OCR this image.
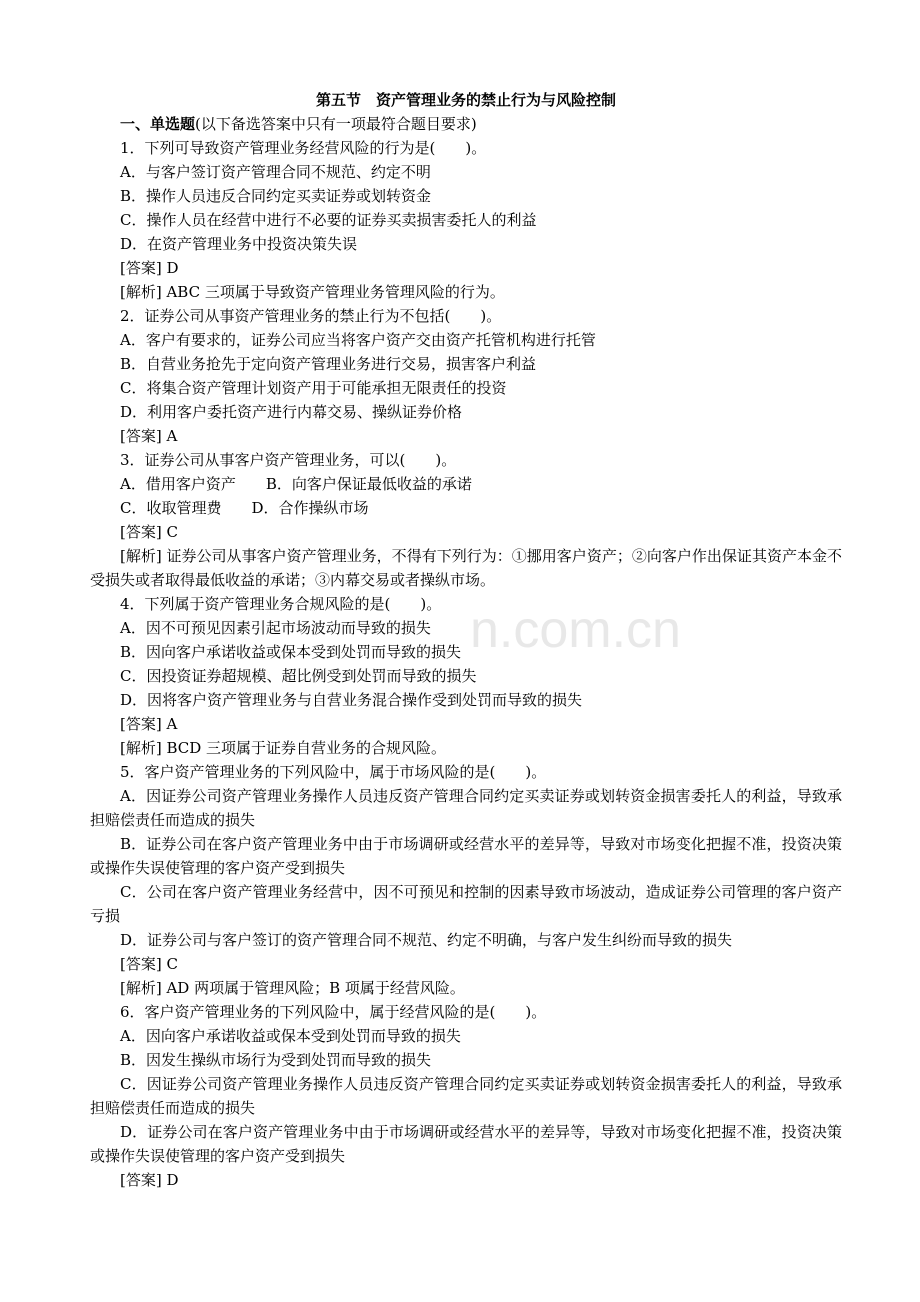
n.com.cn

第五节　资产管理业务的禁止行为与风险控制

一、单选题(以下备选答案中只有一项最符合题目要求)

1．下列可导致资产管理业务经营风险的行为是(　　)。

A．与客户签订资产管理合同不规范、约定不明

B．操作人员违反合同约定买卖证券或划转资金

C．操作人员在经营中进行不必要的证券买卖损害委托人的利益

D．在资产管理业务中投资决策失误

[答案] D

[解析] ABC 三项属于导致资产管理业务管理风险的行为。

2．证券公司从事资产管理业务的禁止行为不包括(　　)。

A．客户有要求的，证券公司应当将客户资产交由资产托管机构进行托管

B．自营业务抢先于定向资产管理业务进行交易，损害客户利益

C．将集合资产管理计划资产用于可能承担无限责任的投资

D．利用客户委托资产进行内幕交易、操纵证券价格

[答案] A

3．证券公司从事客户资产管理业务，可以(　　)。

A．借用客户资产　　B．向客户保证最低收益的承诺

C．收取管理费　　D．合作操纵市场

[答案] C

[解析] 证券公司从事客户资产管理业务，不得有下列行为：①挪用客户资产；②向客户作出保证其资产本金不受损失或者取得最低收益的承诺；③内幕交易或者操纵市场。

4．下列属于资产管理业务合规风险的是(　　)。

A．因不可预见因素引起市场波动而导致的损失

B．因向客户承诺收益或保本受到处罚而导致的损失

C．因投资证券超规模、超比例受到处罚而导致的损失

D．因将客户资产管理业务与自营业务混合操作受到处罚而导致的损失

[答案] A

[解析] BCD 三项属于证券自营业务的合规风险。

5．客户资产管理业务的下列风险中，属于市场风险的是(　　)。

A．因证券公司资产管理业务操作人员违反资产管理合同约定买卖证券或划转资金损害委托人的利益，导致承担赔偿责任而造成的损失

B．证券公司在客户资产管理业务中由于市场调研或经营水平的差异等，导致对市场变化把握不准，投资决策或操作失误使管理的客户资产受到损失

C．公司在客户资产管理业务经营中，因不可预见和控制的因素导致市场波动，造成证券公司管理的客户资产亏损

D．证券公司与客户签订的资产管理合同不规范、约定不明确，与客户发生纠纷而导致的损失

[答案] C

[解析] AD 两项属于管理风险；B 项属于经营风险。

6．客户资产管理业务的下列风险中，属于经营风险的是(　　)。

A．因向客户承诺收益或保本受到处罚而导致的损失

B．因发生操纵市场行为受到处罚而导致的损失

C．因证券公司资产管理业务操作人员违反资产管理合同约定买卖证券或划转资金损害委托人的利益，导致承担赔偿责任而造成的损失

D．证券公司在客户资产管理业务中由于市场调研或经营水平的差异等，导致对市场变化把握不准，投资决策或操作失误使管理的客户资产受到损失

[答案] D
